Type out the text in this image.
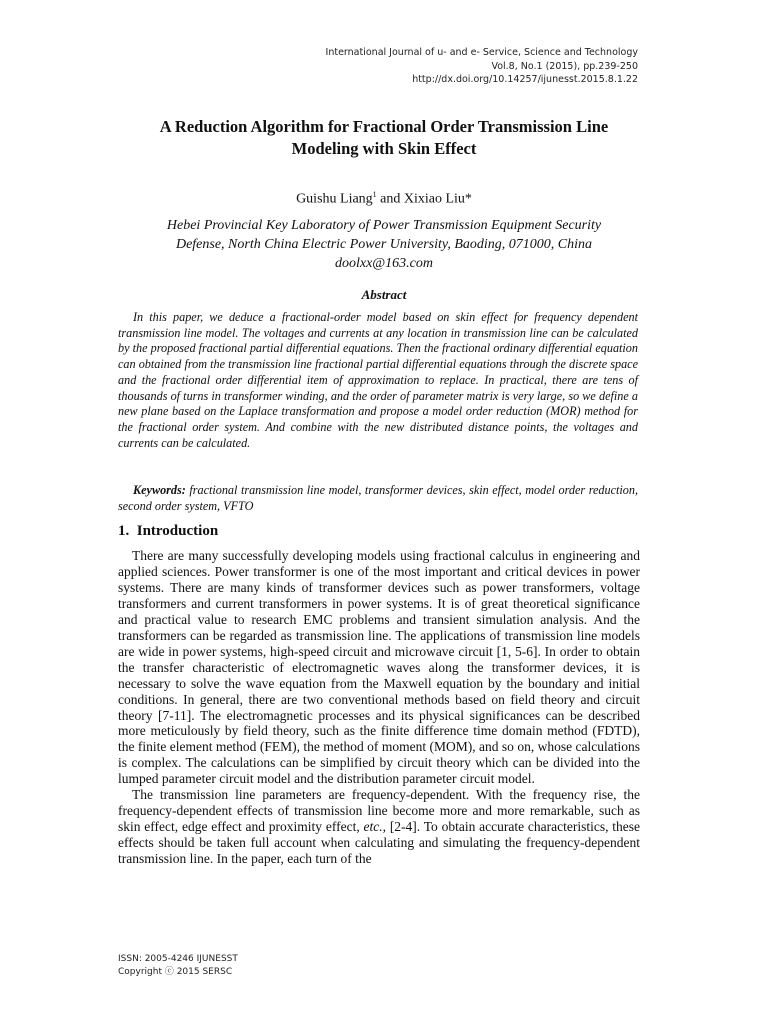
International Journal of u- and e- Service, Science and Technology
Vol.8, No.1 (2015), pp.239-250
http://dx.doi.org/10.14257/ijunesst.2015.8.1.22
A Reduction Algorithm for Fractional Order Transmission Line
Modeling with Skin Effect
Guishu Liang$^1$ and Xixiao Liu*
Hebei Provincial Key Laboratory of Power Transmission Equipment Security
Defense, North China Electric Power University, Baoding, 071000, China
doolxx@163.com
Abstract

In this paper, we deduce a fractional-order model based on skin effect for frequency dependent transmission line model. The voltages and currents at any location in transmission line can be calculated by the proposed fractional partial differential equations. Then the fractional ordinary differential equation can obtained from the transmission line fractional partial differential equations through the discrete space and the fractional order differential item of approximation to replace. In practical, there are tens of thousands of turns in transformer winding, and the order of parameter matrix is very large, so we define a new plane based on the Laplace transformation and propose a model order reduction (MOR) method for the fractional order system. And combine with the new distributed distance points, the voltages and currents can be calculated.

Keywords: fractional transmission line model, transformer devices, skin effect, model order reduction, second order system, VFTO

1. Introduction

There are many successfully developing models using fractional calculus in engineering and applied sciences. Power transformer is one of the most important and critical devices in power systems. There are many kinds of transformer devices such as power transformers, voltage transformers and current transformers in power systems. It is of great theoretical significance and practical value to research EMC problems and transient simulation analysis. And the transformers can be regarded as transmission line. The applications of transmission line models are wide in power systems, high-speed circuit and microwave circuit [1, 5-6]. In order to obtain the transfer characteristic of electromagnetic waves along the transformer devices, it is necessary to solve the wave equation from the Maxwell equation by the boundary and initial conditions. In general, there are two conventional methods based on field theory and circuit theory [7-11]. The electromagnetic processes and its physical significances can be described more meticulously by field theory, such as the finite difference time domain method (FDTD), the finite element method (FEM), the method of moment (MOM), and so on, whose calculations is complex. The calculations can be simplified by circuit theory which can be divided into the lumped parameter circuit model and the distribution parameter circuit model.

The transmission line parameters are frequency-dependent. With the frequency rise, the frequency-dependent effects of transmission line become more and more remarkable, such as skin effect, edge effect and proximity effect, etc., [2-4]. To obtain accurate characteristics, these effects should be taken full account when calculating and simulating the frequency-dependent transmission line. In the paper, each turn of the

ISSN: 2005-4246 IJUNESST
Copyright ⓒ 2015 SERSC
